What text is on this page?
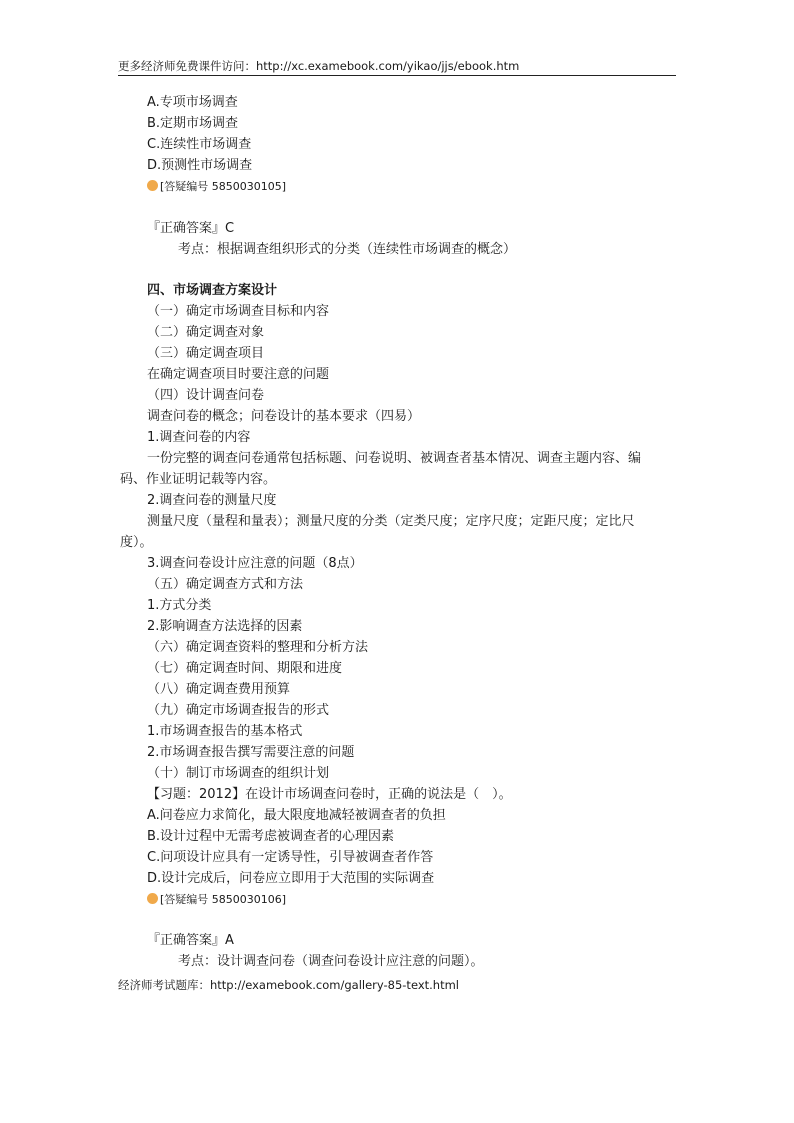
更多经济师免费课件访问：http://xc.examebook.com/yikao/jjs/ebook.htm
A.专项市场调查
B.定期市场调查
C.连续性市场调查
D.预测性市场调查
[答疑编号 5850030105]
『正确答案』C
考点：根据调查组织形式的分类（连续性市场调查的概念）
四、市场调查方案设计
（一）确定市场调查目标和内容
（二）确定调查对象
（三）确定调查项目
在确定调查项目时要注意的问题
（四）设计调查问卷
调查问卷的概念；问卷设计的基本要求（四易）
1.调查问卷的内容
一份完整的调查问卷通常包括标题、问卷说明、被调查者基本情况、调查主题内容、编
码、作业证明记载等内容。
2.调查问卷的测量尺度
测量尺度（量程和量表）；测量尺度的分类（定类尺度；定序尺度；定距尺度；定比尺
度）。
3.调查问卷设计应注意的问题（8点）
（五）确定调查方式和方法
1.方式分类
2.影响调查方法选择的因素
（六）确定调查资料的整理和分析方法
（七）确定调查时间、期限和进度
（八）确定调查费用预算
（九）确定市场调查报告的形式
1.市场调查报告的基本格式
2.市场调查报告撰写需要注意的问题
（十）制订市场调查的组织计划
【习题：2012】在设计市场调查问卷时，正确的说法是（　）。
A.问卷应力求简化，最大限度地减轻被调查者的负担
B.设计过程中无需考虑被调查者的心理因素
C.问项设计应具有一定诱导性，引导被调查者作答
D.设计完成后，问卷应立即用于大范围的实际调查
[答疑编号 5850030106]
『正确答案』A
考点：设计调查问卷（调查问卷设计应注意的问题）。
经济师考试题库：http://examebook.com/gallery-85-text.html
